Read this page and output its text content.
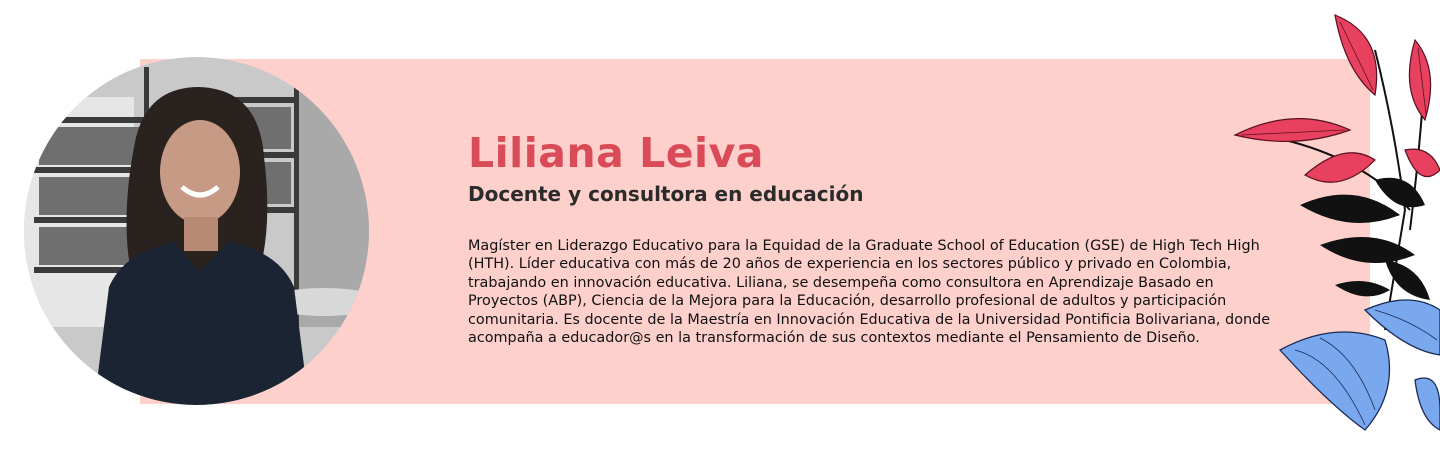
Liliana Leiva
Docente y consultora en educación

Magíster en Liderazgo Educativo para la Equidad de la Graduate School of Education (GSE) de High Tech High (HTH). Líder educativa con más de 20 años de experiencia en los sectores público y privado en Colombia, trabajando en innovación educativa. Liliana, se desempeña como consultora en Aprendizaje Basado en Proyectos (ABP), Ciencia de la Mejora para la Educación, desarrollo profesional de adultos y participación comunitaria. Es docente de la Maestría en Innovación Educativa de la Universidad Pontificia Bolivariana, donde acompaña a educador@s en la transformación de sus contextos mediante el Pensamiento de Diseño.
